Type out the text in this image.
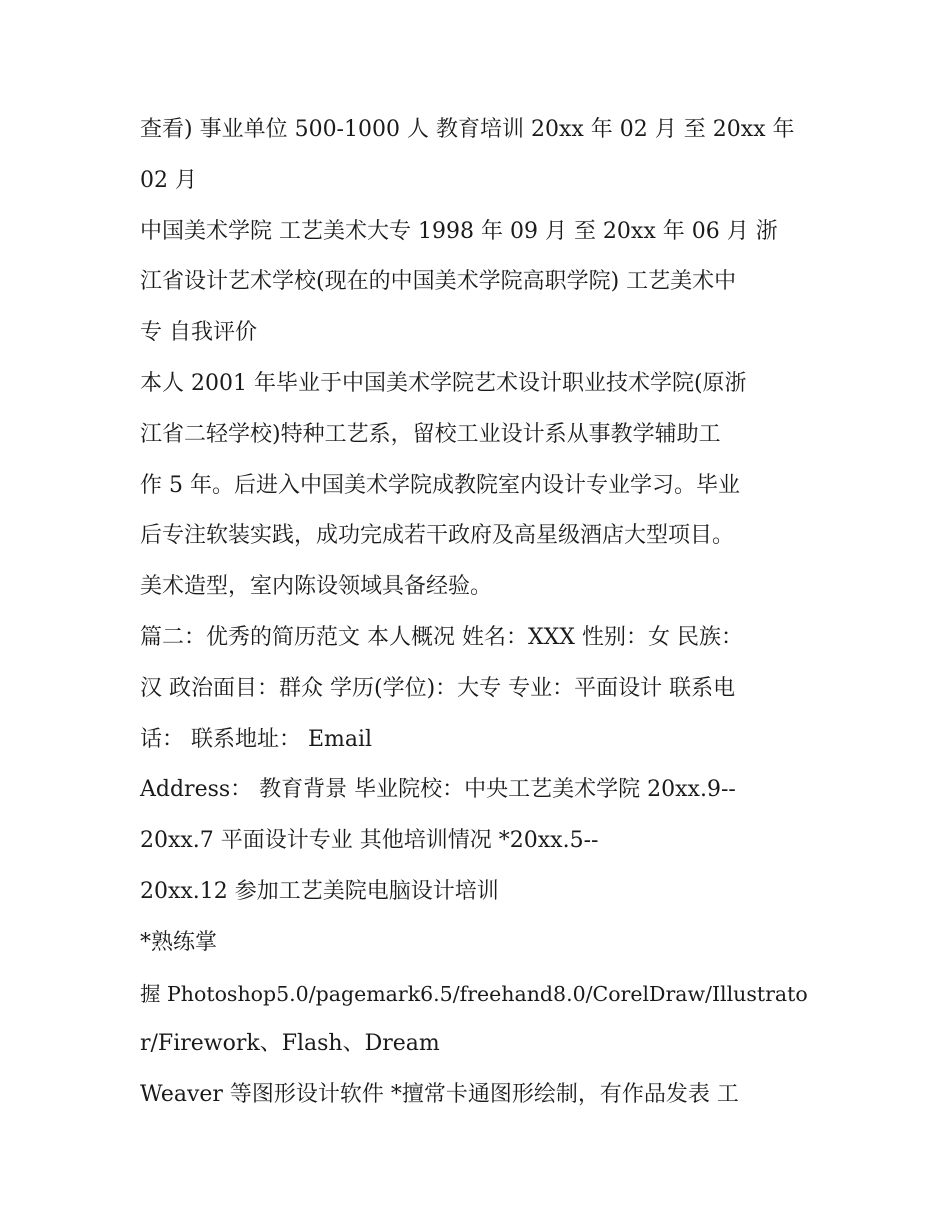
查看) 事业单位 500-1000 人 教育培训 20xx 年 02 月 至 20xx 年
02 月
中国美术学院 工艺美术大专 1998 年 09 月 至 20xx 年 06 月 浙
江省设计艺术学校(现在的中国美术学院高职学院) 工艺美术中
专 自我评价
本人 2001 年毕业于中国美术学院艺术设计职业技术学院(原浙
江省二轻学校)特种工艺系，留校工业设计系从事教学辅助工
作 5 年。后进入中国美术学院成教院室内设计专业学习。毕业
后专注软装实践，成功完成若干政府及高星级酒店大型项目。
美术造型，室内陈设领域具备经验。
篇二：优秀的简历范文 本人概况 姓名：XXX 性别：女 民族：
汉 政治面目：群众 学历(学位)：大专 专业：平面设计 联系电
话： 联系地址： Email
Address： 教育背景 毕业院校：中央工艺美术学院 20xx.9--
20xx.7 平面设计专业 其他培训情况 *20xx.5--
20xx.12 参加工艺美院电脑设计培训
*熟练掌
握 Photoshop5.0/pagemark6.5/freehand8.0/CorelDraw/Illustrato
r/Firework、Flash、Dream
Weaver 等图形设计软件 *擅常卡通图形绘制，有作品发表 工
